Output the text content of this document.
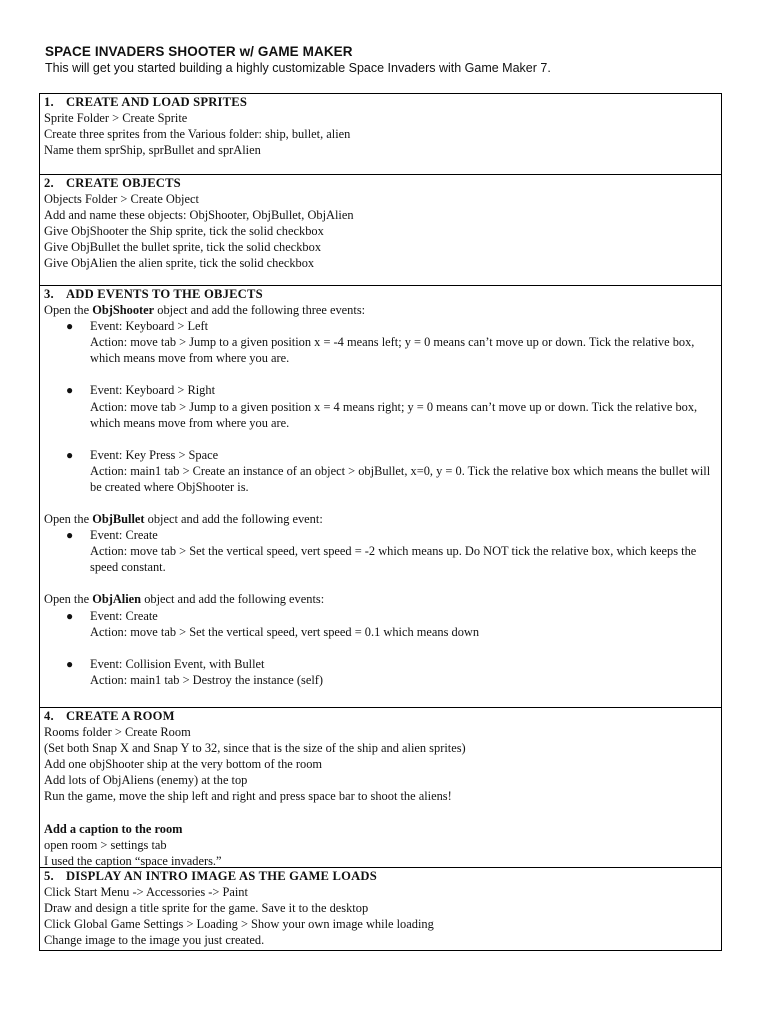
SPACE INVADERS SHOOTER w/ GAME MAKER
This will get you started building a highly customizable Space Invaders with Game Maker 7.
1. CREATE AND LOAD SPRITES
Sprite Folder > Create Sprite
Create three sprites from the Various folder: ship, bullet, alien
Name them sprShip, sprBullet and sprAlien
2. CREATE OBJECTS
Objects Folder > Create Object
Add and name these objects: ObjShooter, ObjBullet, ObjAlien
Give ObjShooter the Ship sprite, tick the solid checkbox
Give ObjBullet the bullet sprite, tick the solid checkbox
Give ObjAlien the alien sprite, tick the solid checkbox
3. ADD EVENTS TO THE OBJECTS
Open the ObjShooter object and add the following three events:
● Event: Keyboard > Left
Action: move tab > Jump to a given position x = -4 means left; y = 0 means can’t move up or down. Tick the relative box, which means move from where you are.
● Event: Keyboard > Right
Action: move tab > Jump to a given position x = 4 means right; y = 0 means can’t move up or down. Tick the relative box, which means move from where you are.
● Event: Key Press > Space
Action: main1 tab > Create an instance of an object > objBullet, x=0, y = 0. Tick the relative box which means the bullet will be created where ObjShooter is.
Open the ObjBullet object and add the following event:
● Event: Create
Action: move tab > Set the vertical speed, vert speed = -2 which means up. Do NOT tick the relative box, which keeps the speed constant.
Open the ObjAlien object and add the following events:
● Event: Create
Action: move tab > Set the vertical speed, vert speed = 0.1 which means down
● Event: Collision Event, with Bullet
Action: main1 tab > Destroy the instance (self)
4. CREATE A ROOM
Rooms folder > Create Room
(Set both Snap X and Snap Y to 32, since that is the size of the ship and alien sprites)
Add one objShooter ship at the very bottom of the room
Add lots of ObjAliens (enemy) at the top
Run the game, move the ship left and right and press space bar to shoot the aliens!
Add a caption to the room
open room > settings tab
I used the caption “space invaders.”
5. DISPLAY AN INTRO IMAGE AS THE GAME LOADS
Click Start Menu -> Accessories -> Paint
Draw and design a title sprite for the game. Save it to the desktop
Click Global Game Settings > Loading > Show your own image while loading
Change image to the image you just created.
